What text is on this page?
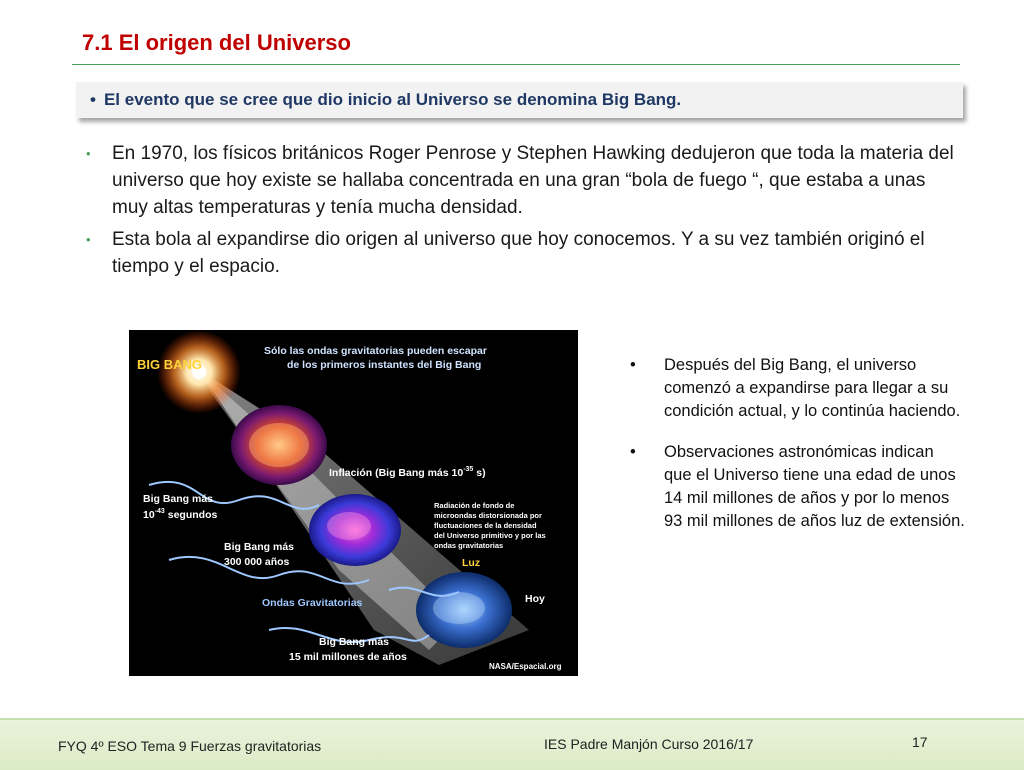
7.1 El origen del Universo
• El evento que se cree que dio inicio al Universo se denomina Big Bang.
• En 1970, los físicos británicos Roger Penrose y Stephen Hawking dedujeron que toda la materia del universo que hoy existe se hallaba concentrada en una gran “bola de fuego “, que estaba a unas muy altas temperaturas y tenía mucha densidad.
• Esta bola al expandirse dio origen al universo que hoy conocemos. Y a su vez también originó el tiempo y el espacio.
BIG BANG
Sólo las ondas gravitatorias pueden escapar
de los primeros instantes del Big Bang
Inflación (Big Bang más $10^{-35}$ s)
Big Bang más
$10^{-43}$ segundos
Radiación de fondo de
microondas distorsionada por
fluctuaciones de la densidad
del Universo primitivo y por las
ondas gravitatorias
Big Bang más
300 000 años	Luz
Ondas Gravitatorias	Hoy
Big Bang más
15 mil millones de años
NASA/Espacial.org
• Después del Big Bang, el universo comenzó a expandirse para llegar a su condición actual, y lo continúa haciendo.
• Observaciones astronómicas indican que el Universo tiene una edad de unos 14 mil millones de años y por lo menos 93 mil millones de años luz de extensión.
FYQ 4º ESO Tema 9 Fuerzas gravitatorias	IES Padre Manjón Curso 2016/17	17
